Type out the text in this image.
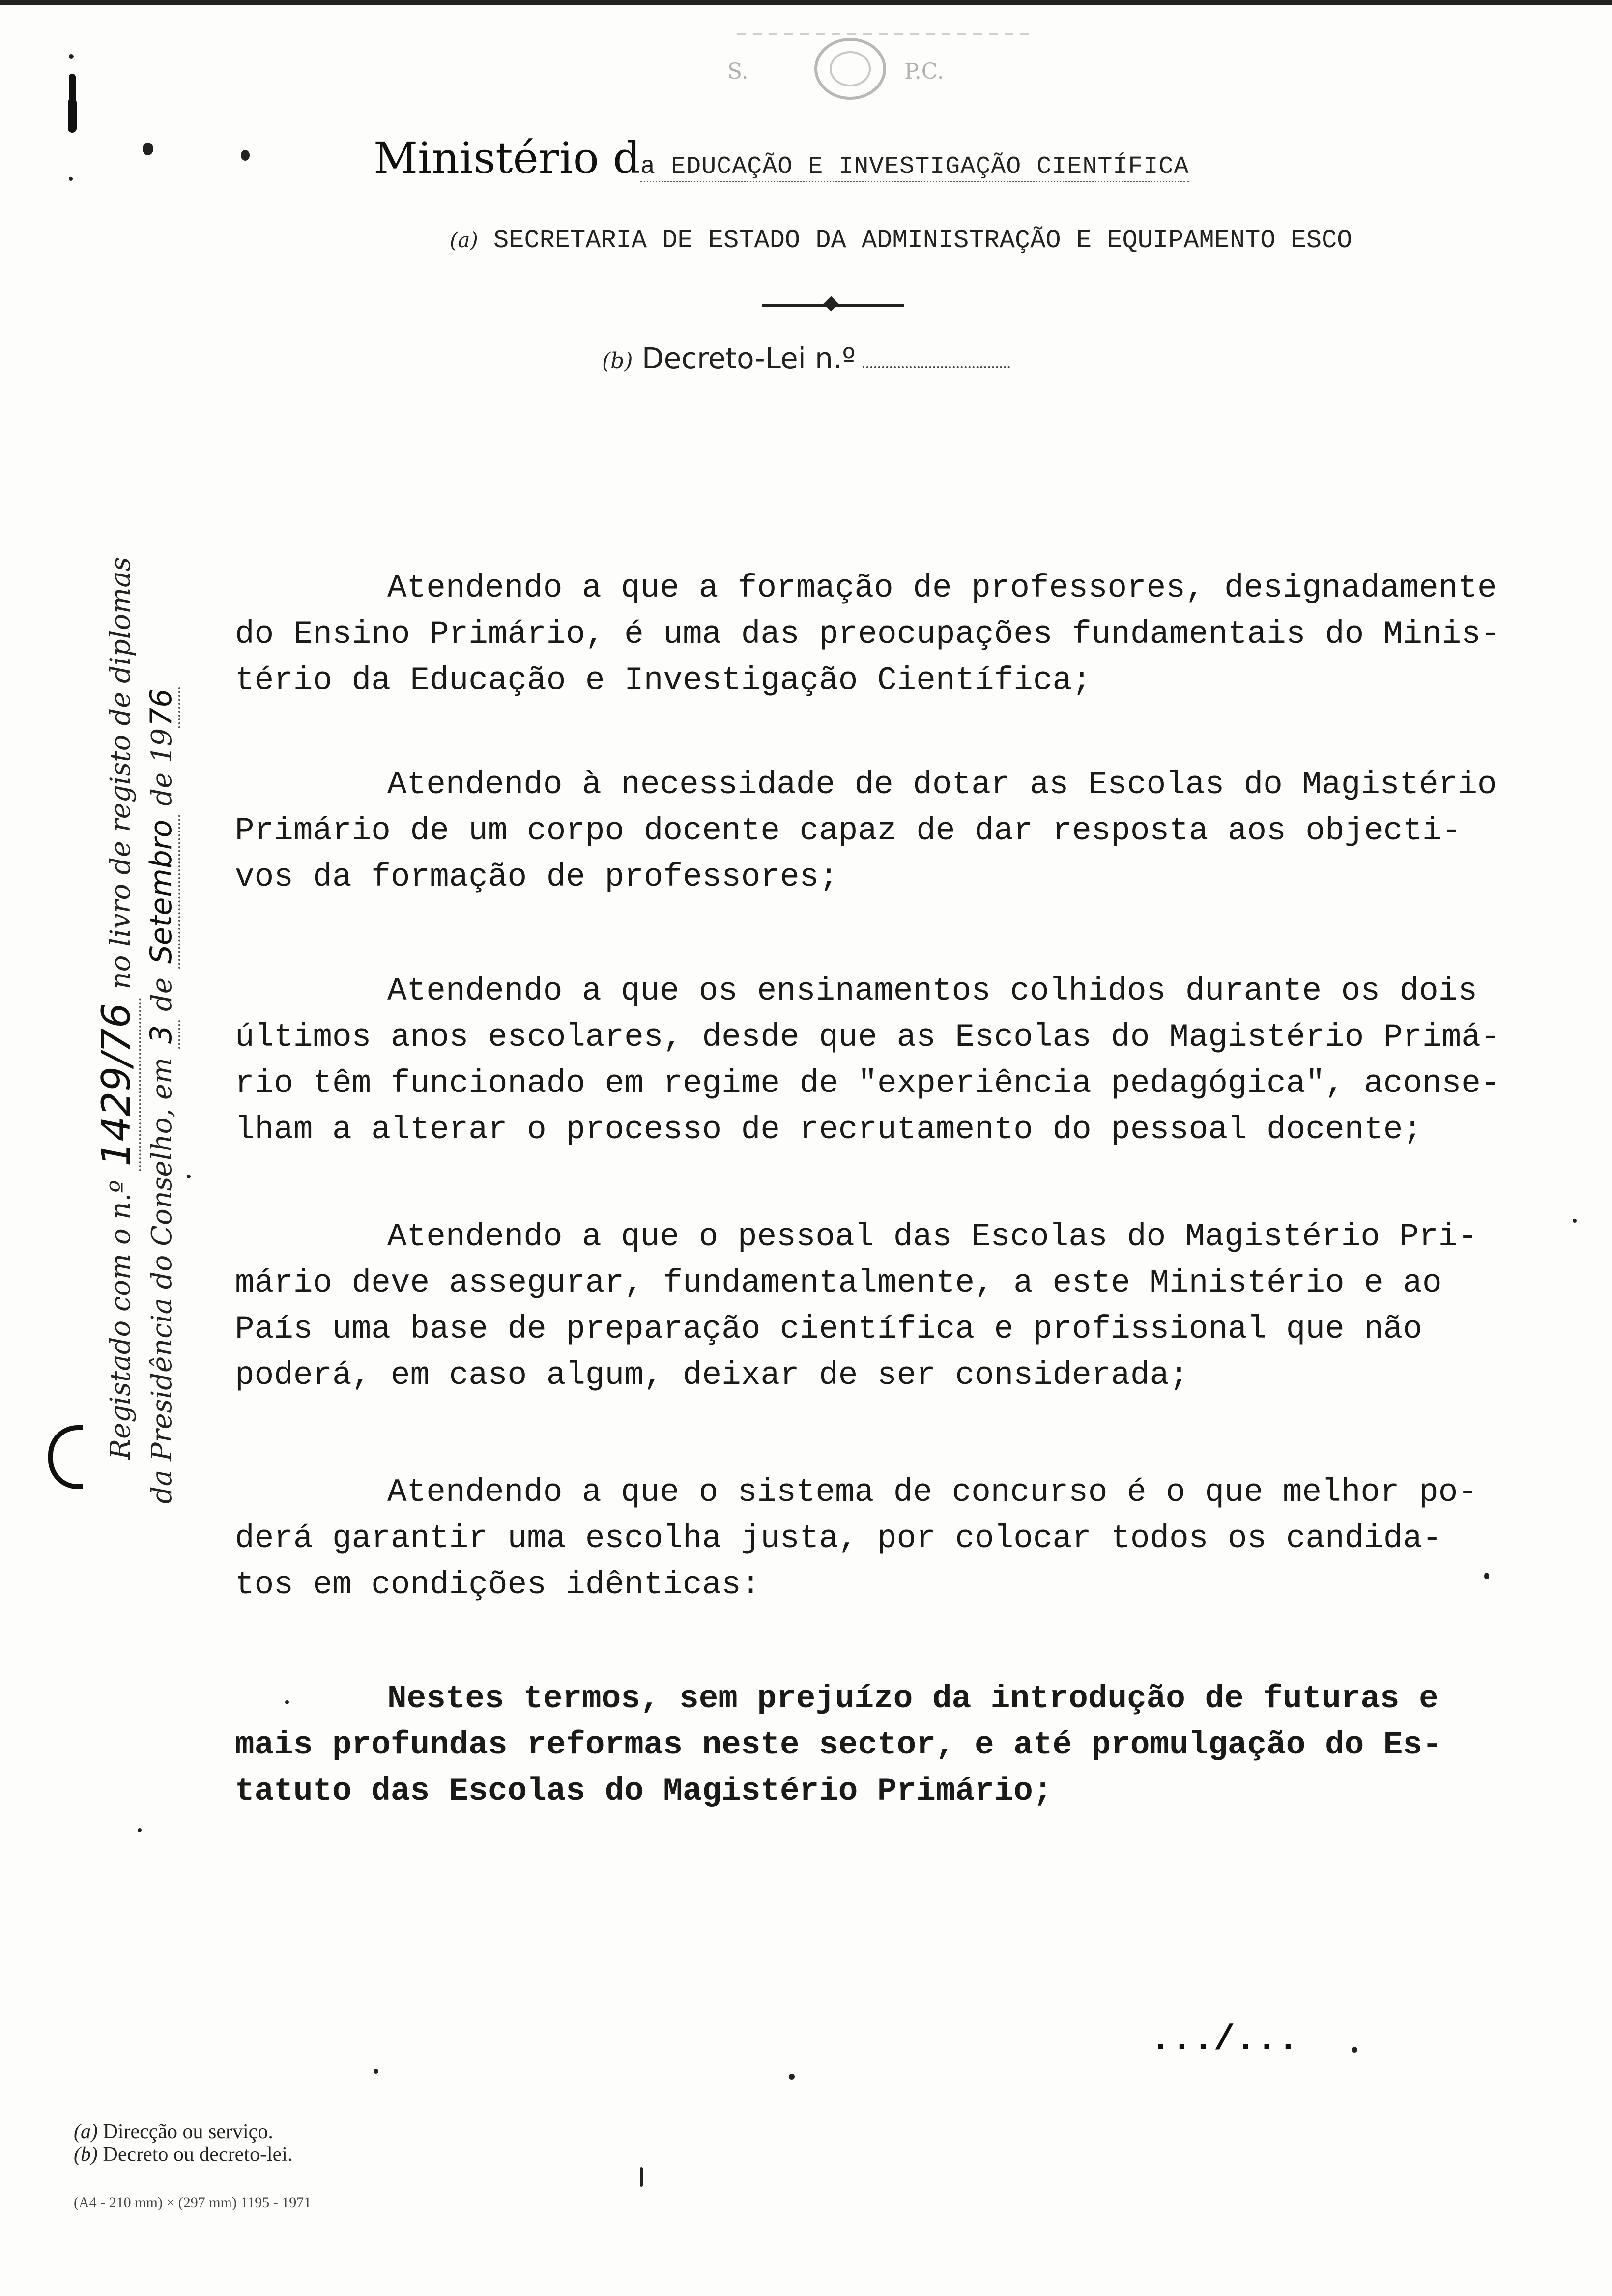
S.	P.C.
Ministério da EDUCAÇÃO E INVESTIGAÇÃO CIENTÍFICA
(a) SECRETARIA DE ESTADO DA ADMINISTRAÇÃO E EQUIPAMENTO ESCO
(b) Decreto-Lei n.º
Registado com o n.º 1429/76 no livro de registo de diplomas
da Presidência do Conselho, em 3 de Setembro de 1976
Atendendo a que a formação de professores, designadamente
do Ensino Primário, é uma das preocupações fundamentais do Minis-
tério da Educação e Investigação Científica;
Atendendo à necessidade de dotar as Escolas do Magistério
Primário de um corpo docente capaz de dar resposta aos objecti-
vos da formação de professores;
Atendendo a que os ensinamentos colhidos durante os dois
últimos anos escolares, desde que as Escolas do Magistério Primá-
rio têm funcionado em regime de "experiência pedagógica", aconse-
lham a alterar o processo de recrutamento do pessoal docente;
Atendendo a que o pessoal das Escolas do Magistério Pri-
mário deve assegurar, fundamentalmente, a este Ministério e ao
País uma base de preparação científica e profissional que não
poderá, em caso algum, deixar de ser considerada;
Atendendo a que o sistema de concurso é o que melhor po-
derá garantir uma escolha justa, por colocar todos os candida-
tos em condições idênticas:
Nestes termos, sem prejuízo da introdução de futuras e
mais profundas reformas neste sector, e até promulgação do Es-
tatuto das Escolas do Magistério Primário;
.../...
(a) Direcção ou serviço.
(b) Decreto ou decreto-lei.
(A4 - 210 mm) × (297 mm) 1195 - 1971
